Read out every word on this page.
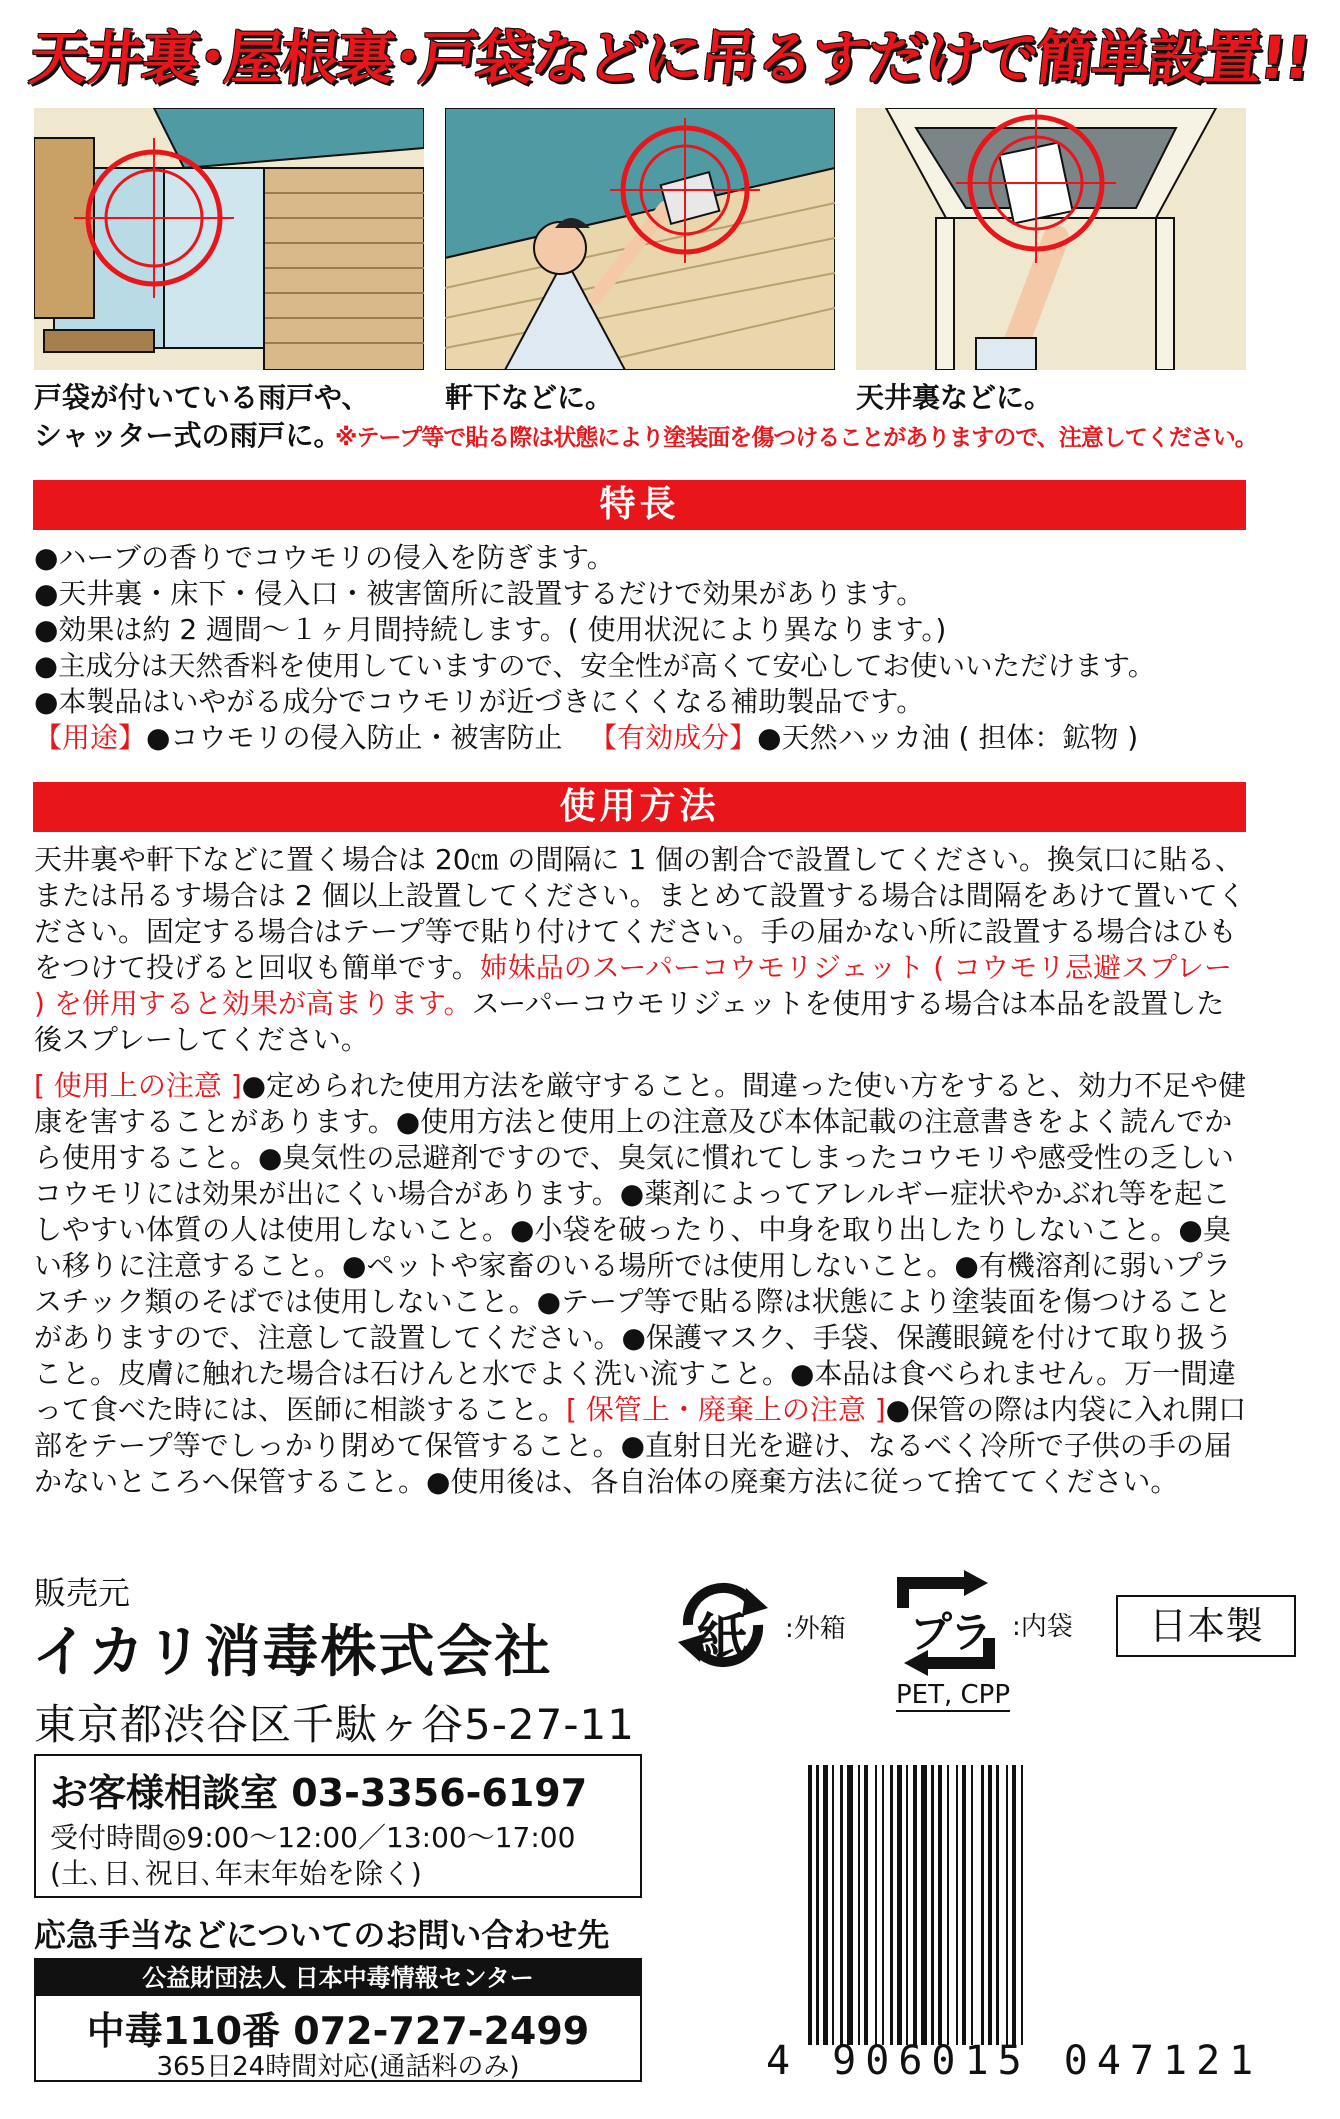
天井裏･屋根裏･戸袋などに吊るすだけで簡単設置!!
戸袋が付いている雨戸や、
シャッター式の雨戸に。
軒下などに。	天井裏などに。
※テープ等で貼る際は状態により塗装面を傷つけることがありますので、注意してください。
特長
●ハーブの香りでコウモリの侵入を防ぎます。
●天井裏・床下・侵入口・被害箇所に設置するだけで効果があります。
●効果は約 2 週間～１ヶ月間持続します。( 使用状況により異なります。)
●主成分は天然香料を使用していますので、安全性が高くて安心してお使いいただけます。
●本製品はいやがる成分でコウモリが近づきにくくなる補助製品です。
【用途】●コウモリの侵入防止・被害防止 【有効成分】●天然ハッカ油 ( 担体：鉱物 )
使用方法
天井裏や軒下などに置く場合は 20㎝ の間隔に 1 個の割合で設置してください。換気口に貼る、または吊るす場合は 2 個以上設置してください。まとめて設置する場合は間隔をあけて置いてください。固定する場合はテープ等で貼り付けてください。手の届かない所に設置する場合はひもをつけて投げると回収も簡単です。姉妹品のスーパーコウモリジェット ( コウモリ忌避スプレー ) を併用すると効果が高まります。スーパーコウモリジェットを使用する場合は本品を設置した後スプレーしてください。
[ 使用上の注意 ]●定められた使用方法を厳守すること。間違った使い方をすると、効力不足や健康を害することがあります。●使用方法と使用上の注意及び本体記載の注意書きをよく読んでから使用すること。●臭気性の忌避剤ですので、臭気に慣れてしまったコウモリや感受性の乏しいコウモリには効果が出にくい場合があります。●薬剤によってアレルギー症状やかぶれ等を起こしやすい体質の人は使用しないこと。●小袋を破ったり、中身を取り出したりしないこと。●臭い移りに注意すること。●ペットや家畜のいる場所では使用しないこと。●有機溶剤に弱いプラスチック類のそばでは使用しないこと。●テープ等で貼る際は状態により塗装面を傷つけることがありますので、注意して設置してください。●保護マスク、手袋、保護眼鏡を付けて取り扱うこと。皮膚に触れた場合は石けんと水でよく洗い流すこと。●本品は食べられません。万一間違って食べた時には、医師に相談すること。[ 保管上・廃棄上の注意 ]●保管の際は内袋に入れ開口部をテープ等でしっかり閉めて保管すること。●直射日光を避け、なるべく冷所で子供の手の届かないところへ保管すること。●使用後は、各自治体の廃棄方法に従って捨ててください。
販売元
イカリ消毒株式会社
東京都渋谷区千駄ヶ谷5-27-11
お客様相談室 03-3356-6197
受付時間◎9:00～12:00／13:00～17:00
(土､日､祝日､年末年始を除く)
応急手当などについてのお問い合わせ先
公益財団法人 日本中毒情報センター
中毒110番 072-727-2499
365日24時間対応(通話料のみ)
紙 :外箱 プラ :内袋
PET, CPP
日本製
4 906015 047121
